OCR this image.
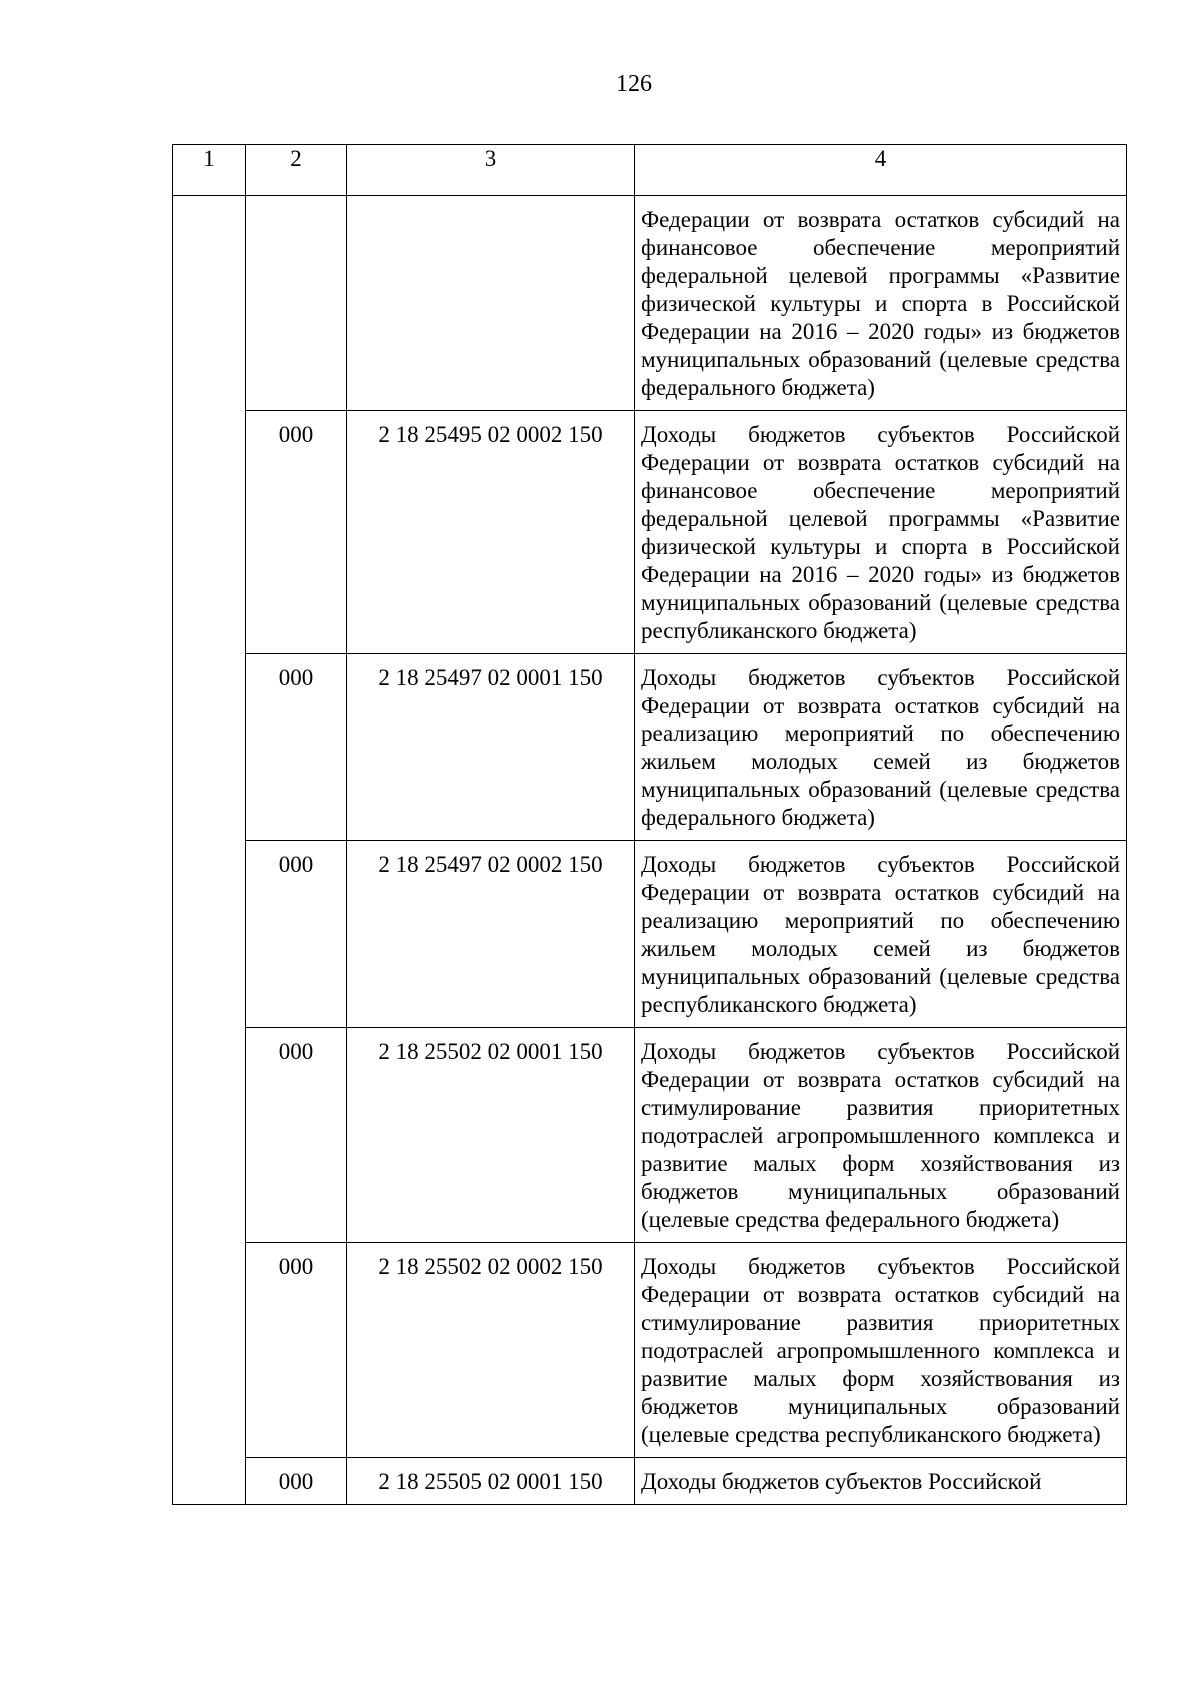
126
1	2	3	4

			Федерации от возврата остатков субсидий на финансовое обеспечение мероприятий федеральной целевой программы «Развитие физической культуры и спорта в Российской Федерации на 2016 – 2020 годы» из бюджетов муниципальных образований (целевые средства федерального бюджета)

	000	2 18 25495 02 0002 150	Доходы бюджетов субъектов Российской Федерации от возврата остатков субсидий на финансовое обеспечение мероприятий федеральной целевой программы «Развитие физической культуры и спорта в Российской Федерации на 2016 – 2020 годы» из бюджетов муниципальных образований (целевые средства республиканского бюджета)

	000	2 18 25497 02 0001 150	Доходы бюджетов субъектов Российской Федерации от возврата остатков субсидий на реализацию мероприятий по обеспечению жильем молодых семей из бюджетов муниципальных образований (целевые средства федерального бюджета)

	000	2 18 25497 02 0002 150	Доходы бюджетов субъектов Российской Федерации от возврата остатков субсидий на реализацию мероприятий по обеспечению жильем молодых семей из бюджетов муниципальных образований (целевые средства республиканского бюджета)

	000	2 18 25502 02 0001 150	Доходы бюджетов субъектов Российской Федерации от возврата остатков субсидий на стимулирование развития приоритетных подотраслей агропромышленного комплекса и развитие малых форм хозяйствования из бюджетов муниципальных образований (целевые средства федерального бюджета)

	000	2 18 25502 02 0002 150	Доходы бюджетов субъектов Российской Федерации от возврата остатков субсидий на стимулирование развития приоритетных подотраслей агропромышленного комплекса и развитие малых форм хозяйствования из бюджетов муниципальных образований (целевые средства республиканского бюджета)

	000	2 18 25505 02 0001 150	Доходы бюджетов субъектов Российской
